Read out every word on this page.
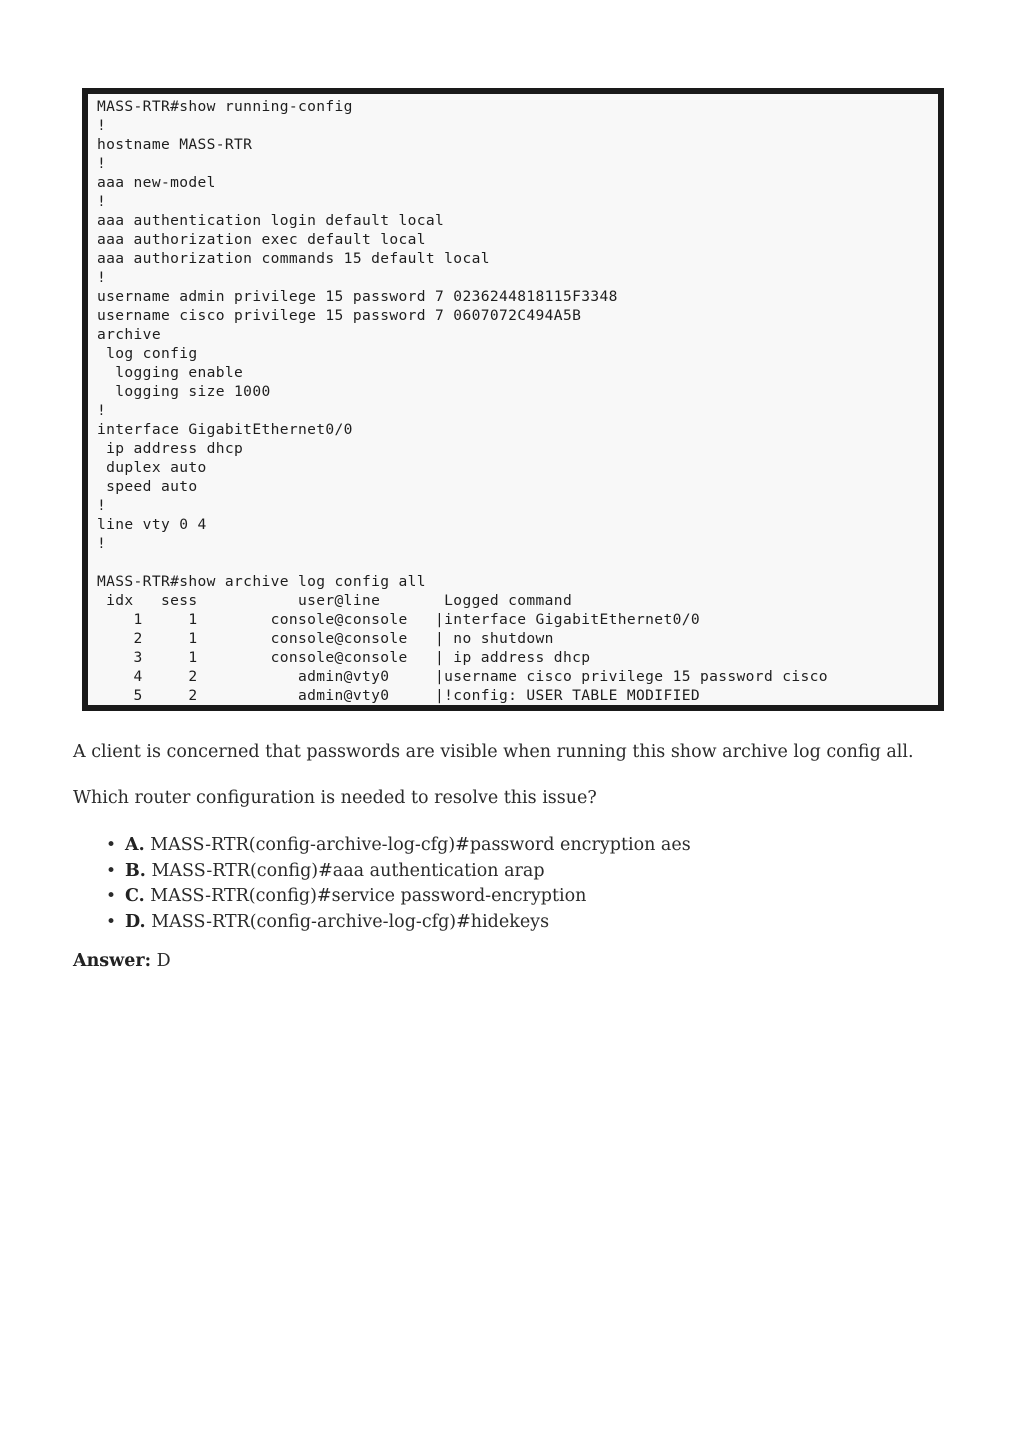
MASS-RTR#show running-config
!
hostname MASS-RTR
!
aaa new-model
!
aaa authentication login default local
aaa authorization exec default local
aaa authorization commands 15 default local
!
username admin privilege 15 password 7 0236244818115F3348
username cisco privilege 15 password 7 0607072C494A5B
archive
log config
logging enable
logging size 1000
!
interface GigabitEthernet0/0
ip address dhcp
duplex auto
speed auto
!
line vty 0 4
!
MASS-RTR#show archive log config all
idx   sess           user@line       Logged command
1     1        console@console   |interface GigabitEthernet0/0
2     1        console@console   | no shutdown
3     1        console@console   | ip address dhcp
4     2           admin@vty0     |username cisco privilege 15 password cisco
5     2           admin@vty0     |!config: USER TABLE MODIFIED

A client is concerned that passwords are visible when running this show archive log config all.

Which router configuration is needed to resolve this issue?

• A. MASS-RTR(config-archive-log-cfg)#password encryption aes
• B. MASS-RTR(config)#aaa authentication arap
• C. MASS-RTR(config)#service password-encryption
• D. MASS-RTR(config-archive-log-cfg)#hidekeys

Answer: D
